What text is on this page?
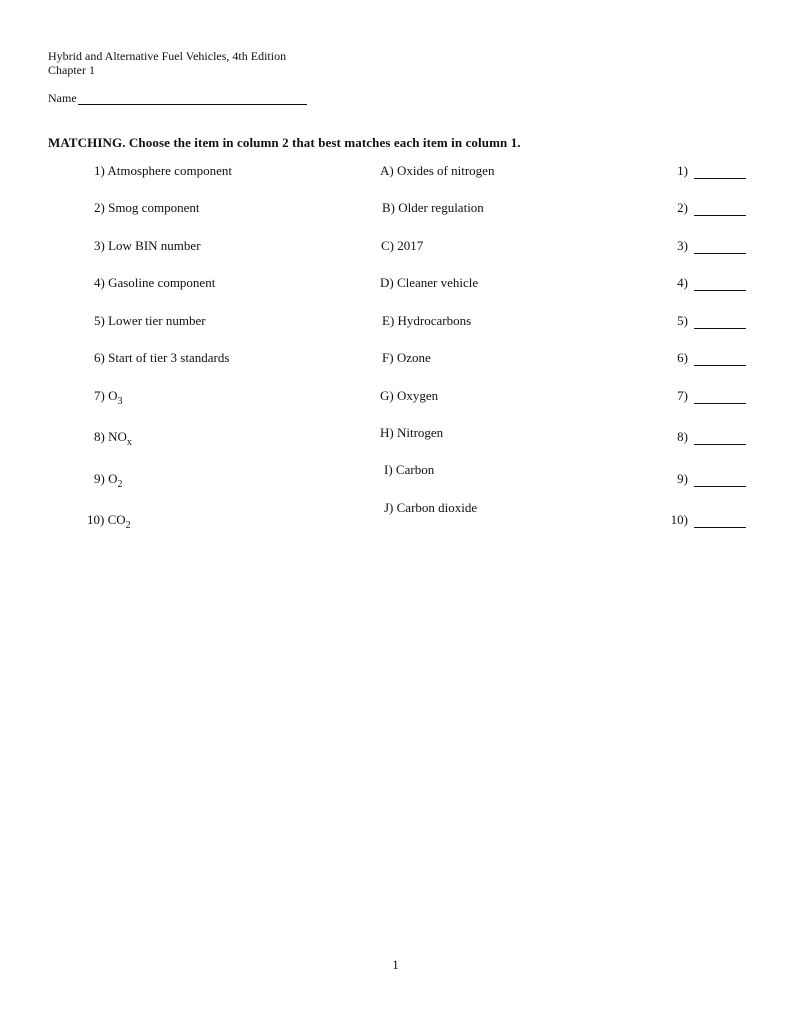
Hybrid and Alternative Fuel Vehicles, 4th Edition
Chapter 1
Name
MATCHING. Choose the item in column 2 that best matches each item in column 1.
1) Atmosphere component
2) Smog component
3) Low BIN number
4) Gasoline component
5) Lower tier number
6) Start of tier 3 standards
7) $O_3$
8) $NO_x$
9) $O_2$
10) $CO_2$
A) Oxides of nitrogen
B) Older regulation
C) 2017
D) Cleaner vehicle
E) Hydrocarbons
F) Ozone
G) Oxygen
H) Nitrogen
I) Carbon
J) Carbon dioxide
1)
2)
3)
4)
5)
6)
7)
8)
9)
10)
1
